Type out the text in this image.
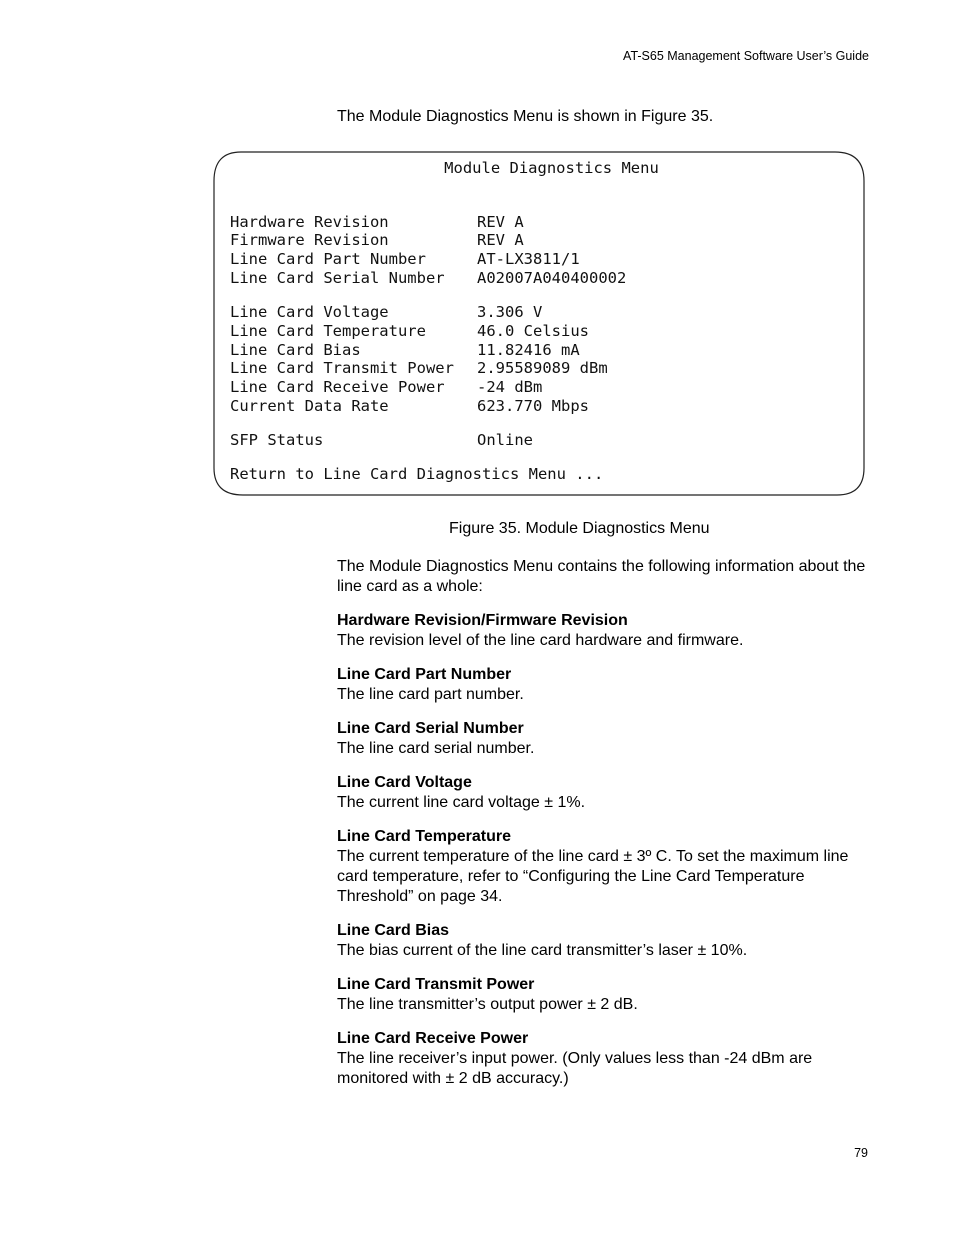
AT-S65 Management Software User’s Guide
The Module Diagnostics Menu is shown in Figure 35.
Module Diagnostics Menu
Hardware Revision	REV A
Firmware Revision	REV A
Line Card Part Number	AT-LX3811/1
Line Card Serial Number A02007A040400002
Line Card Voltage	3.306 V
Line Card Temperature	46.0 Celsius
Line Card Bias	11.82416 mA
Line Card Transmit Power 2.95589089 dBm
Line Card Receive Power -24 dBm
Current Data Rate	623.770 Mbps
SFP Status	Online
Return to Line Card Diagnostics Menu ...
Figure 35. Module Diagnostics Menu

The Module Diagnostics Menu contains the following information about the line card as a whole:

Hardware Revision/Firmware Revision

The revision level of the line card hardware and firmware.

Line Card Part Number

The line card part number.

Line Card Serial Number

The line card serial number.

Line Card Voltage

The current line card voltage ± 1%.

Line Card Temperature

The current temperature of the line card ± 3º C. To set the maximum line card temperature, refer to “Configuring the Line Card Temperature Threshold” on page 34.

Line Card Bias

The bias current of the line card transmitter’s laser ± 10%.

Line Card Transmit Power

The line transmitter’s output power ± 2 dB.

Line Card Receive Power

The line receiver’s input power. (Only values less than -24 dBm are monitored with ± 2 dB accuracy.)

79
